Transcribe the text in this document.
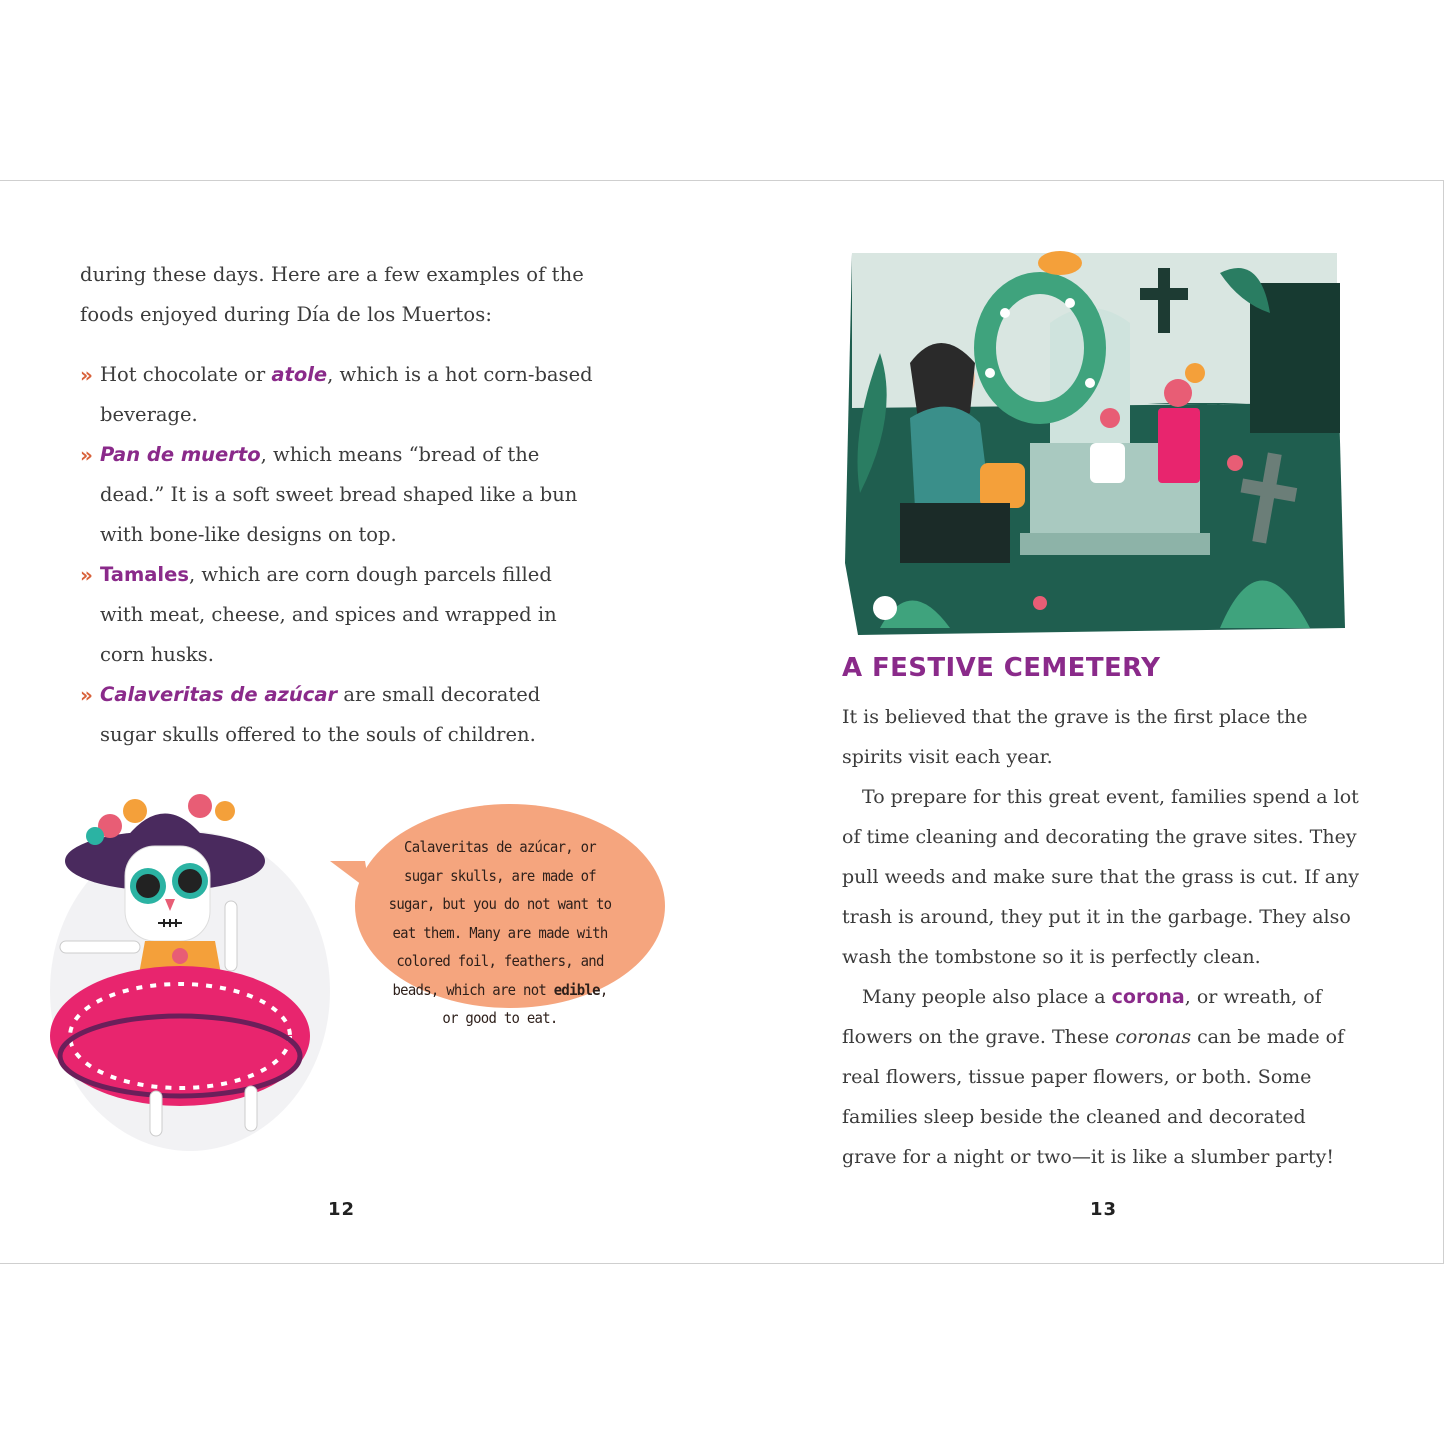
during these days. Here are a few examples of the foods enjoyed during Día de los Muertos:
» Hot chocolate or atole, which is a hot corn-based beverage.
» Pan de muerto, which means “bread of the dead.” It is a soft sweet bread shaped like a bun with bone-like designs on top.
» Tamales, which are corn dough parcels filled with meat, cheese, and spices and wrapped in corn husks.
» Calaveritas de azúcar are small decorated sugar skulls offered to the souls of children.
Calaveritas de azúcar, or sugar skulls, are made of sugar, but you do not want to eat them. Many are made with colored foil, feathers, and beads, which are not edible, or good to eat.
12
A FESTIVE CEMETERY

It is believed that the grave is the first place the spirits visit each year.

To prepare for this great event, families spend a lot of time cleaning and decorating the grave sites. They pull weeds and make sure that the grass is cut. If any trash is around, they put it in the garbage. They also wash the tombstone so it is perfectly clean.

Many people also place a corona, or wreath, of flowers on the grave. These coronas can be made of real flowers, tissue paper flowers, or both. Some families sleep beside the cleaned and decorated grave for a night or two—it is like a slumber party!

13
